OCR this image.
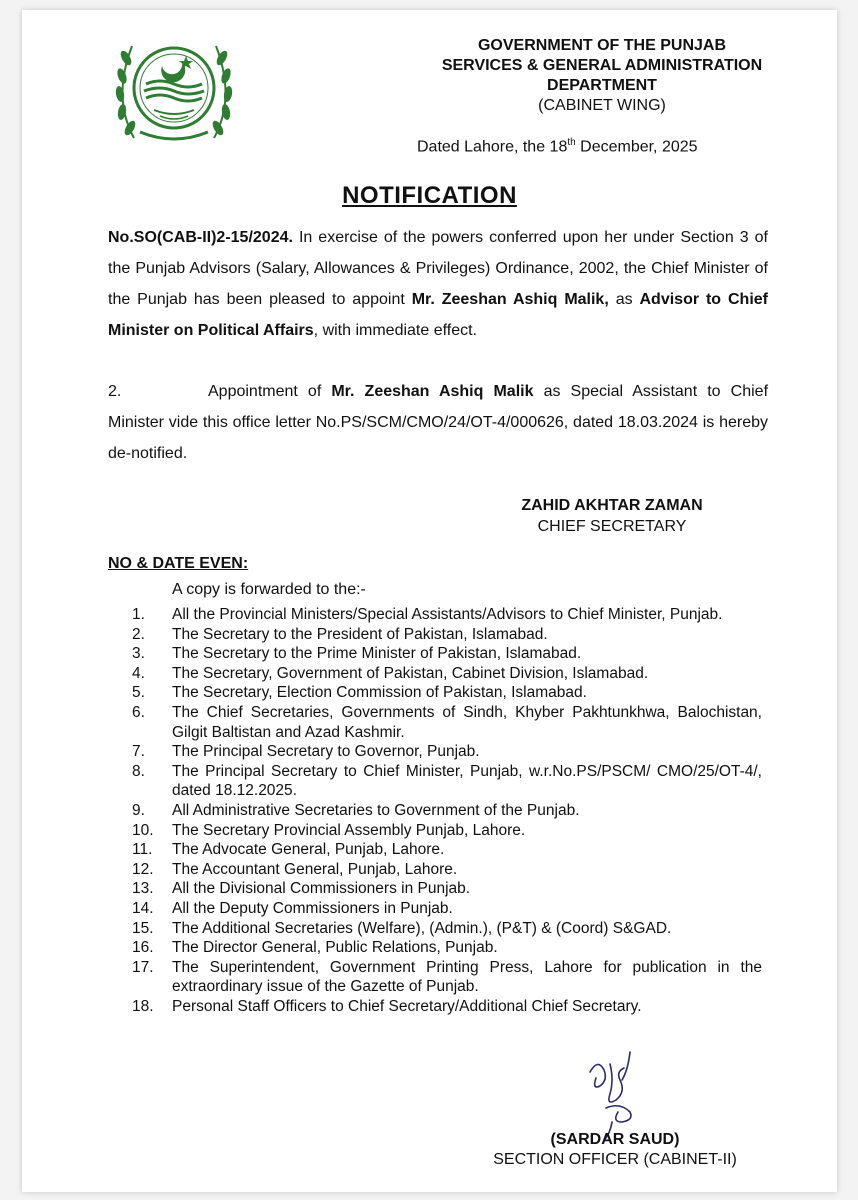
GOVERNMENT OF THE PUNJAB
SERVICES & GENERAL ADMINISTRATION
DEPARTMENT
(CABINET WING)
Dated Lahore, the 18th December, 2025
NOTIFICATION
No.SO(CAB-II)2-15/2024. In exercise of the powers conferred upon her under Section 3 of the Punjab Advisors (Salary, Allowances & Privileges) Ordinance, 2002, the Chief Minister of the Punjab has been pleased to appoint Mr. Zeeshan Ashiq Malik, as Advisor to Chief Minister on Political Affairs, with immediate effect.
2.	Appointment of Mr. Zeeshan Ashiq Malik as Special Assistant to Chief Minister vide this office letter No.PS/SCM/CMO/24/OT-4/000626, dated 18.03.2024 is hereby de-notified.
ZAHID AKHTAR ZAMAN
CHIEF SECRETARY
NO & DATE EVEN:
A copy is forwarded to the:-
1.	All the Provincial Ministers/Special Assistants/Advisors to Chief Minister, Punjab.
2.	The Secretary to the President of Pakistan, Islamabad.
3.	The Secretary to the Prime Minister of Pakistan, Islamabad.
4.	The Secretary, Government of Pakistan, Cabinet Division, Islamabad.
5.	The Secretary, Election Commission of Pakistan, Islamabad.
6.	The Chief Secretaries, Governments of Sindh, Khyber Pakhtunkhwa, Balochistan, Gilgit Baltistan and Azad Kashmir.
7.	The Principal Secretary to Governor, Punjab.
8.	The Principal Secretary to Chief Minister, Punjab, w.r.No.PS/PSCM/ CMO/25/OT-4/, dated 18.12.2025.
9.	All Administrative Secretaries to Government of the Punjab.
10.	The Secretary Provincial Assembly Punjab, Lahore.
11.	The Advocate General, Punjab, Lahore.
12.	The Accountant General, Punjab, Lahore.
13.	All the Divisional Commissioners in Punjab.
14.	All the Deputy Commissioners in Punjab.
15.	The Additional Secretaries (Welfare), (Admin.), (P&T) & (Coord) S&GAD.
16.	The Director General, Public Relations, Punjab.
17.	The Superintendent, Government Printing Press, Lahore for publication in the extraordinary issue of the Gazette of Punjab.
18.	Personal Staff Officers to Chief Secretary/Additional Chief Secretary.
(SARDAR SAUD)
SECTION OFFICER (CABINET-II)
